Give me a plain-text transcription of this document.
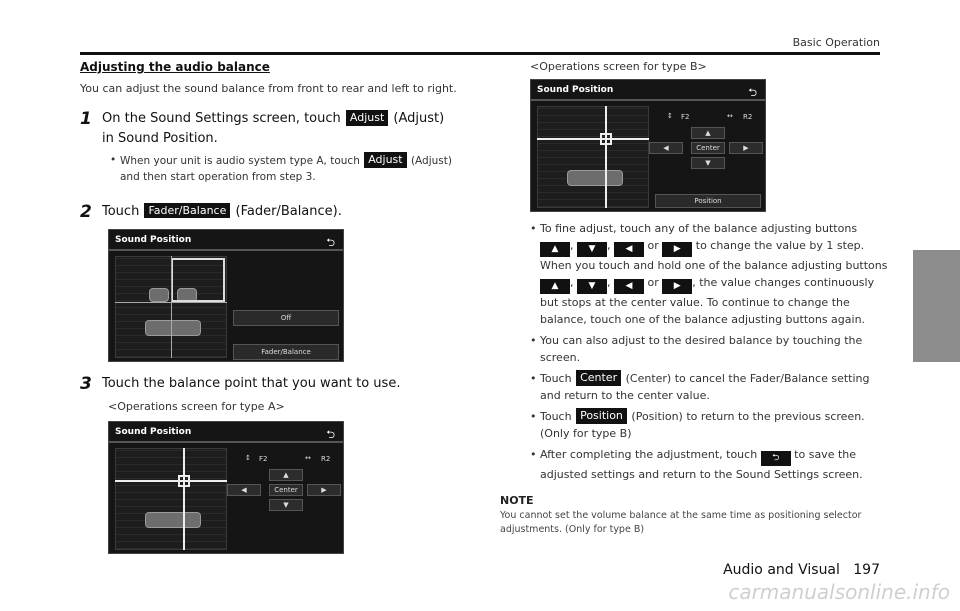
Basic Operation
Adjusting the audio balance
You can adjust the sound balance from front to rear and left to right.
1 On the Sound Settings screen, touch Adjust (Adjust) in Sound Position.
• When your unit is audio system type A, touch Adjust (Adjust) and then start operation from step 3.
2 Touch Fader/Balance (Fader/Balance).
Sound Position	⮌
Off
Fader/Balance
3 Touch the balance point that you want to use.
<Operations screen for type A>
Sound Position	⮌
↕ F2	↔ R2
▲
◀	Center	▶
▼
<Operations screen for type B>
Sound Position	⮌
↕ F2	↔ R2
▲
◀	Center	▶
▼
Position
• To fine adjust, touch any of the balance adjusting buttons ▲ , ▼ , ◀ or ▶ to change the value by 1 step. When you touch and hold one of the balance adjusting buttons ▲ , ▼ , ◀ or ▶ , the value changes continuously but stops at the center value. To continue to change the balance, touch one of the balance adjusting buttons again.
• You can also adjust to the desired balance by touching the screen.
• Touch Center (Center) to cancel the Fader/Balance setting and return to the center value.
• Touch Position (Position) to return to the previous screen. (Only for type B)
• After completing the adjustment, touch ⮌ to save the adjusted settings and return to the Sound Settings screen.
NOTE
You cannot set the volume balance at the same time as positioning selector adjustments. (Only for type B)
Audio and Visual 197
carmanualsonline.info
